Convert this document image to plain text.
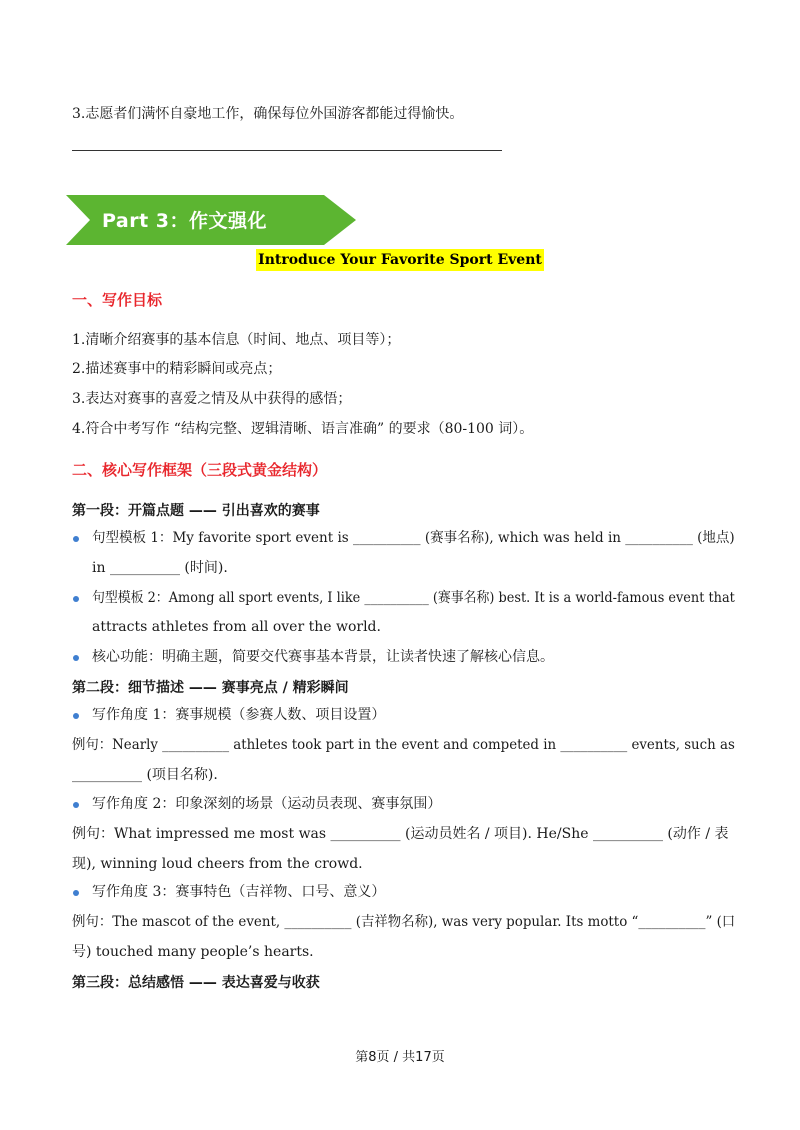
3.志愿者们满怀自豪地工作，确保每位外国游客都能过得愉快。
Part 3：作文强化
Introduce Your Favorite Sport Event
一、写作目标
1.清晰介绍赛事的基本信息（时间、地点、项目等）；
2.描述赛事中的精彩瞬间或亮点；
3.表达对赛事的喜爱之情及从中获得的感悟；
4.符合中考写作 “结构完整、逻辑清晰、语言准确” 的要求（80-100 词）。
二、核心写作框架（三段式黄金结构）
第一段：开篇点题 —— 引出喜欢的赛事
句型模板 1：My favorite sport event is __________ (赛事名称), which was held in __________ (地点)
in __________ (时间).
句型模板 2：Among all sport events, I like __________ (赛事名称) best. It is a world-famous event that
attracts athletes from all over the world.
核心功能：明确主题，简要交代赛事基本背景，让读者快速了解核心信息。
第二段：细节描述 —— 赛事亮点 / 精彩瞬间
写作角度 1：赛事规模（参赛人数、项目设置）
例句：Nearly __________ athletes took part in the event and competed in __________ events, such as
__________ (项目名称).
写作角度 2：印象深刻的场景（运动员表现、赛事氛围）
例句：What impressed me most was __________ (运动员姓名 / 项目). He/She __________ (动作 / 表
现), winning loud cheers from the crowd.
写作角度 3：赛事特色（吉祥物、口号、意义）
例句：The mascot of the event, __________ (吉祥物名称), was very popular. Its motto “__________” (口
号) touched many people’s hearts.
第三段：总结感悟 —— 表达喜爱与收获
第8页 / 共17页
